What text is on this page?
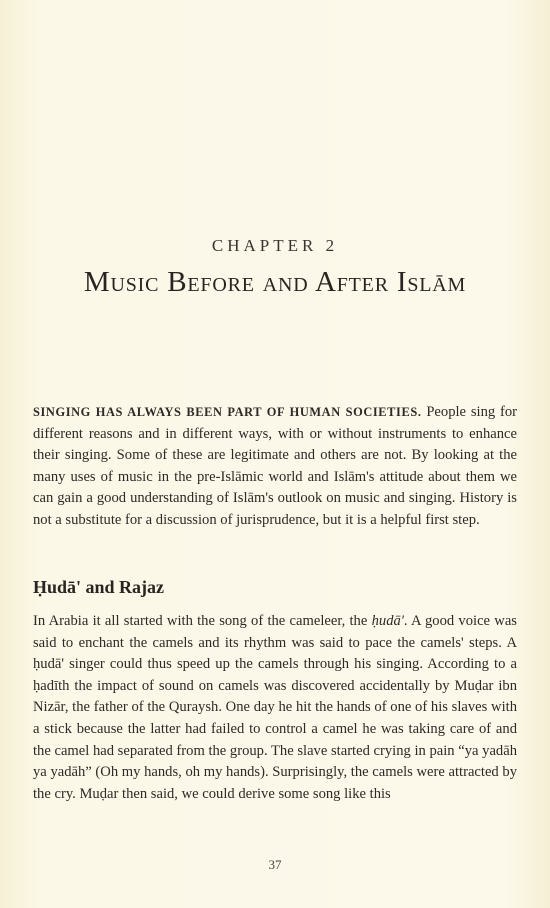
CHAPTER 2
Music Before and After Islām

SINGING HAS ALWAYS BEEN PART OF HUMAN SOCIETIES. People sing for different reasons and in different ways, with or without instruments to enhance their singing. Some of these are legitimate and others are not. By looking at the many uses of music in the pre-Islāmic world and Islām's attitude about them we can gain a good understanding of Islām's outlook on music and singing. History is not a substitute for a discussion of jurisprudence, but it is a helpful first step.

Ḥudā' and Rajaz

In Arabia it all started with the song of the cameleer, the ḥudā'. A good voice was said to enchant the camels and its rhythm was said to pace the camels' steps. A ḥudā' singer could thus speed up the camels through his singing. According to a ḥadīth the impact of sound on camels was discovered accidentally by Muḍar ibn Nizār, the father of the Quraysh. One day he hit the hands of one of his slaves with a stick because the latter had failed to control a camel he was taking care of and the camel had separated from the group. The slave started crying in pain “ya yadāh ya yadāh” (Oh my hands, oh my hands). Surprisingly, the camels were attracted by the cry. Muḍar then said, we could derive some song like this

37
